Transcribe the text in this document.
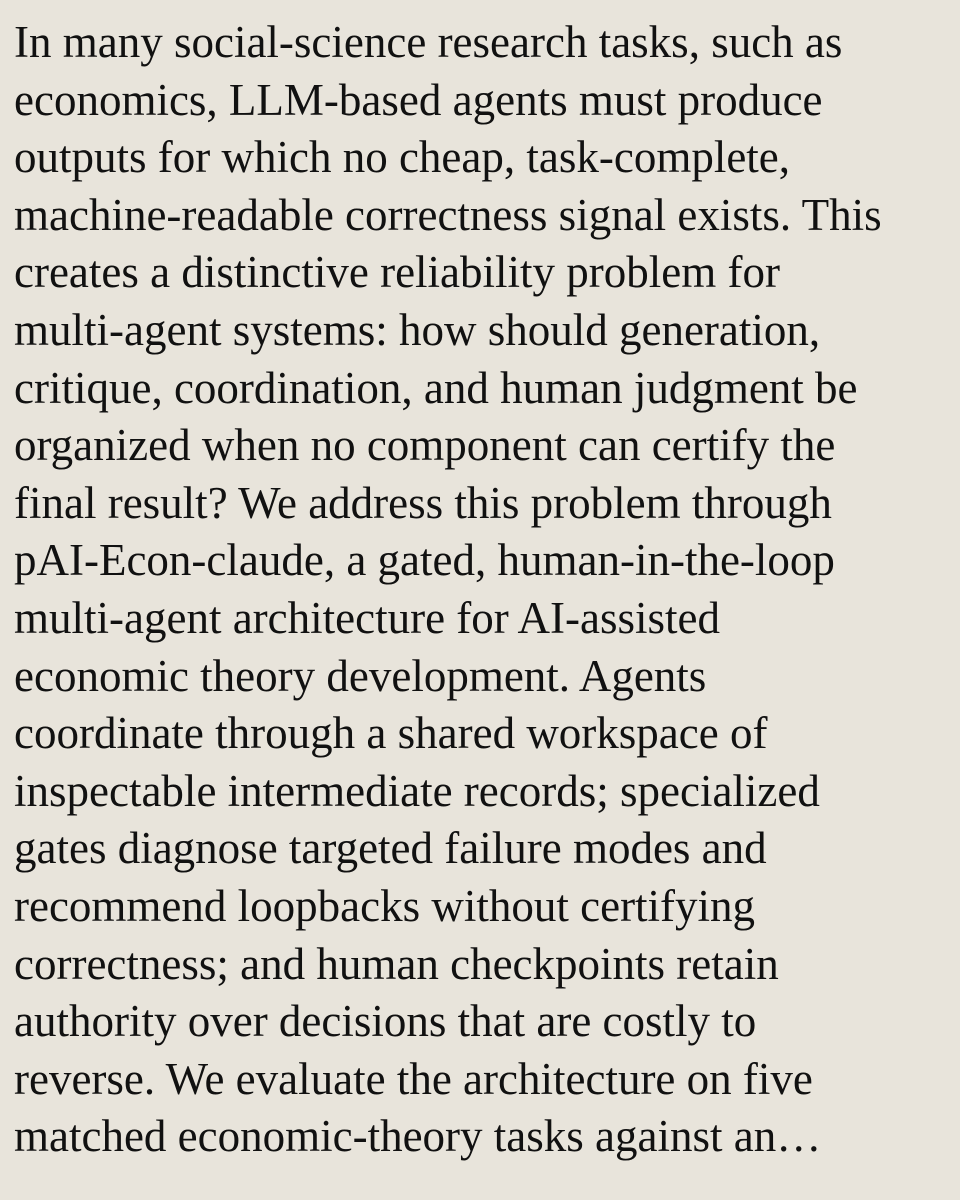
In many social-science research tasks, such as
economics, LLM-based agents must produce
outputs for which no cheap, task-complete,
machine-readable correctness signal exists. This
creates a distinctive reliability problem for
multi-agent systems: how should generation,
critique, coordination, and human judgment be
organized when no component can certify the
final result? We address this problem through
pAI-Econ-claude, a gated, human-in-the-loop
multi-agent architecture for AI-assisted
economic theory development. Agents
coordinate through a shared workspace of
inspectable intermediate records; specialized
gates diagnose targeted failure modes and
recommend loopbacks without certifying
correctness; and human checkpoints retain
authority over decisions that are costly to
reverse. We evaluate the architecture on five
matched economic-theory tasks against an…
